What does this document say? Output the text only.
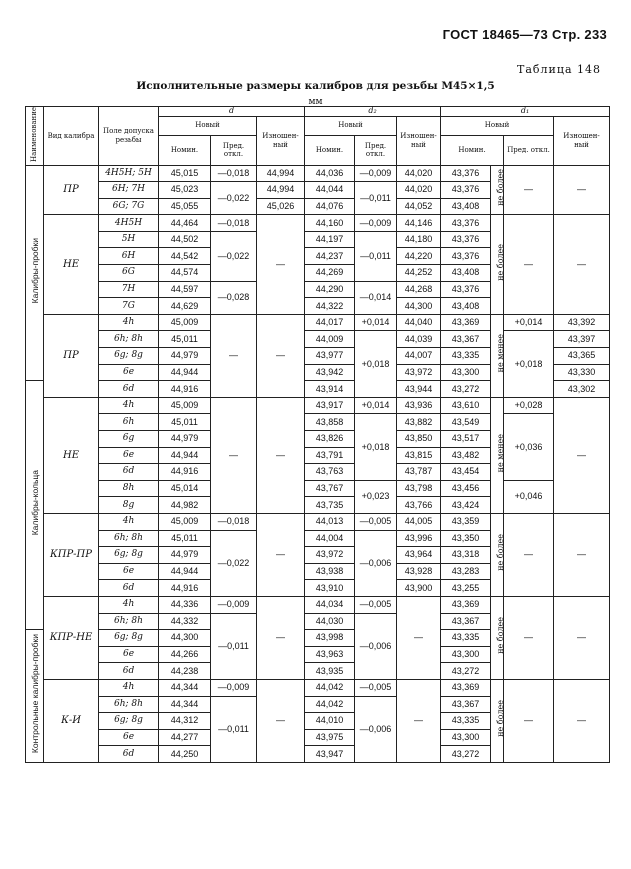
ГОСТ 18465—73 Стр. 233
Таблица 148
Исполнительные размеры калибров для резьбы М45×1,5
мм
Наименование	Вид калибра	Поле допуска резьбы	d			d₂			d₁			
			Новый		Изношен-ный	Новый		Изношен-ный	Новый			Изношен-ный
			Номин.	Пред. откл.		Номин.	Пред. откл.		Номин.		Пред. откл.	
Калибры-пробки	ПР	4H5H; 5H	45,015	—0,018	44,994	44,036	—0,009	44,020	43,376	не более	—	—
		6H; 7H	45,023	—0,022	44,994	44,044	—0,011	44,020	43,376			
		6G; 7G	45,055		45,026	44,076		44,052	43,408			
	НЕ	4H5H	44,464	—0,018	—	44,160	—0,009	44,146	43,376	не более	—	—
		5H	44,502	—0,022		44,197	—0,011	44,180	43,376			
		6H	44,542			44,237		44,220	43,376			
		6G	44,574			44,269		44,252	43,408			
		7H	44,597	—0,028		44,290	—0,014	44,268	43,376			
		7G	44,629			44,322		44,300	43,408			
	ПР	4h	45,009	—	—	44,017	+0,014	44,040	43,369	не менее	+0,014	43,392
		6h; 8h	45,011			44,009	+0,018	44,039	43,367		+0,018	43,397
		6g; 8g	44,979			43,977		44,007	43,335			43,365
		6e	44,944			43,942		43,972	43,300			43,330
Калибры-кольца		6d	44,916			43,914		43,944	43,272			43,302
	НЕ	4h	45,009	—	—	43,917	+0,014	43,936	43,610	не менее	+0,028	—
		6h	45,011			43,858	+0,018	43,882	43,549		+0,036	
		6g	44,979			43,826		43,850	43,517			
		6e	44,944			43,791		43,815	43,482			
		6d	44,916			43,763		43,787	43,454			
		8h	45,014			43,767	+0,023	43,798	43,456		+0,046	
		8g	44,982			43,735		43,766	43,424			
	КПР-ПР	4h	45,009	—0,018	—	44,013	—0,005	44,005	43,359	не более	—	—
		6h; 8h	45,011	—0,022		44,004	—0,006	43,996	43,350			
		6g; 8g	44,979			43,972		43,964	43,318			
		6e	44,944			43,938		43,928	43,283			
		6d	44,916			43,910		43,900	43,255			
	КПР-НЕ	4h	44,336	—0,009	—	44,034	—0,005	—	43,369	не более	—	—
		6h; 8h	44,332	—0,011		44,030	—0,006		43,367			
Контрольные калибры-пробки		6g; 8g	44,300			43,998			43,335			
		6e	44,266			43,963			43,300			
		6d	44,238			43,935			43,272			
	К-И	4h	44,344	—0,009	—	44,042	—0,005	—	43,369	не более	—	—
		6h; 8h	44,344	—0,011		44,042	—0,006		43,367			
		6g; 8g	44,312			44,010			43,335			
		6e	44,277			43,975			43,300			
		6d	44,250			43,947			43,272			
